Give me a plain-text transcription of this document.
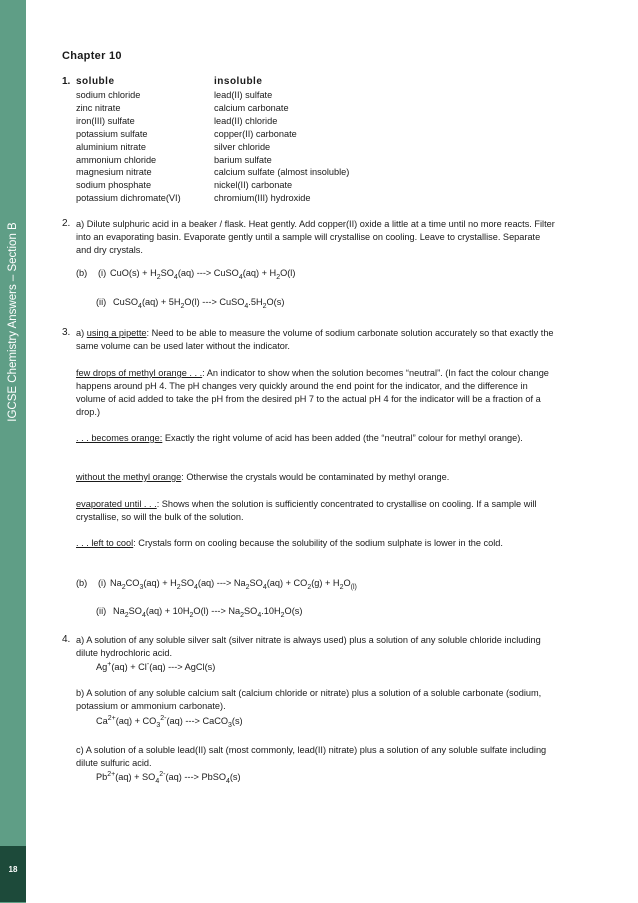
IGCSE Chemistry Answers – Section B
18
Chapter 10
1. soluble	insoluble
sodium chloride
zinc nitrate
iron(III) sulfate
potassium sulfate
aluminium nitrate
ammonium chloride
magnesium nitrate
sodium phosphate
potassium dichromate(VI)
lead(II) sulfate
calcium carbonate
lead(II) chloride
copper(II) carbonate
silver chloride
barium sulfate
calcium sulfate (almost insoluble)
nickel(II) carbonate
chromium(III) hydroxide
2. a) Dilute sulphuric acid in a beaker / flask. Heat gently. Add copper(II) oxide a little at a time until no more reacts. Filter into an evaporating basin. Evaporate gently until a sample will crystallise on cooling. Leave to crystallise. Separate and dry crystals.

(b) (i) $CuO(s) + H_2SO_4(aq)$ ---> CuSO$_4$(aq) + $H_2O(l)$
(ii) CuSO$_4$(aq) + $5H_2O(l)$ ---> $CuSO_4.5H_2O(s)$
3. a) using a pipette: Need to be able to measure the volume of sodium carbonate solution accurately so that exactly the same volume can be used later without the indicator.

few drops of methyl orange . . .: An indicator to show when the solution becomes “neutral”. (In fact the colour change happens around pH 4. The pH changes very quickly around the end point for the indicator, and the difference in volume of acid added to take the pH from the desired pH 7 to the actual pH 4 for the indicator will be a fraction of a drop.)

. . . becomes orange: Exactly the right volume of acid has been added (the “neutral” colour for methyl orange).

without the methyl orange: Otherwise the crystals would be contaminated by methyl orange.

evaporated until . . .: Shows when the solution is sufficiently concentrated to crystallise on cooling. If a sample will crystallise, so will the bulk of the solution.

. . . left to cool: Crystals form on cooling because the solubility of the sodium sulphate is lower in the cold.

(b) (i) $Na_2CO_3(aq) + H_2SO_4(aq)$ ---> $Na_2SO_4(aq) + CO_2(g) + H_2O_{(l)}$
(ii) $Na_2SO_4(aq) + 10H_2O(l)$ ---> $Na_2SO_4.10H_2O(s)$
4. a) A solution of any soluble silver salt (silver nitrate is always used) plus a solution of any soluble chloride including dilute hydrochloric acid.

Ag+(aq) + Cl-(aq) ---> AgCl(s)

b) A solution of any soluble calcium salt (calcium chloride or nitrate) plus a solution of a soluble carbonate (sodium, potassium or ammonium carbonate).

$Ca^{2+}(aq) + CO_3^{2-}(aq)$ ---> CaCO$_3$(s)

c) A solution of a soluble lead(II) salt (most commonly, lead(II) nitrate) plus a solution of any soluble sulfate including dilute sulfuric acid.

$Pb^{2+}(aq) + SO_4^{2-}(aq)$ ---> PbSO$_4$(s)
